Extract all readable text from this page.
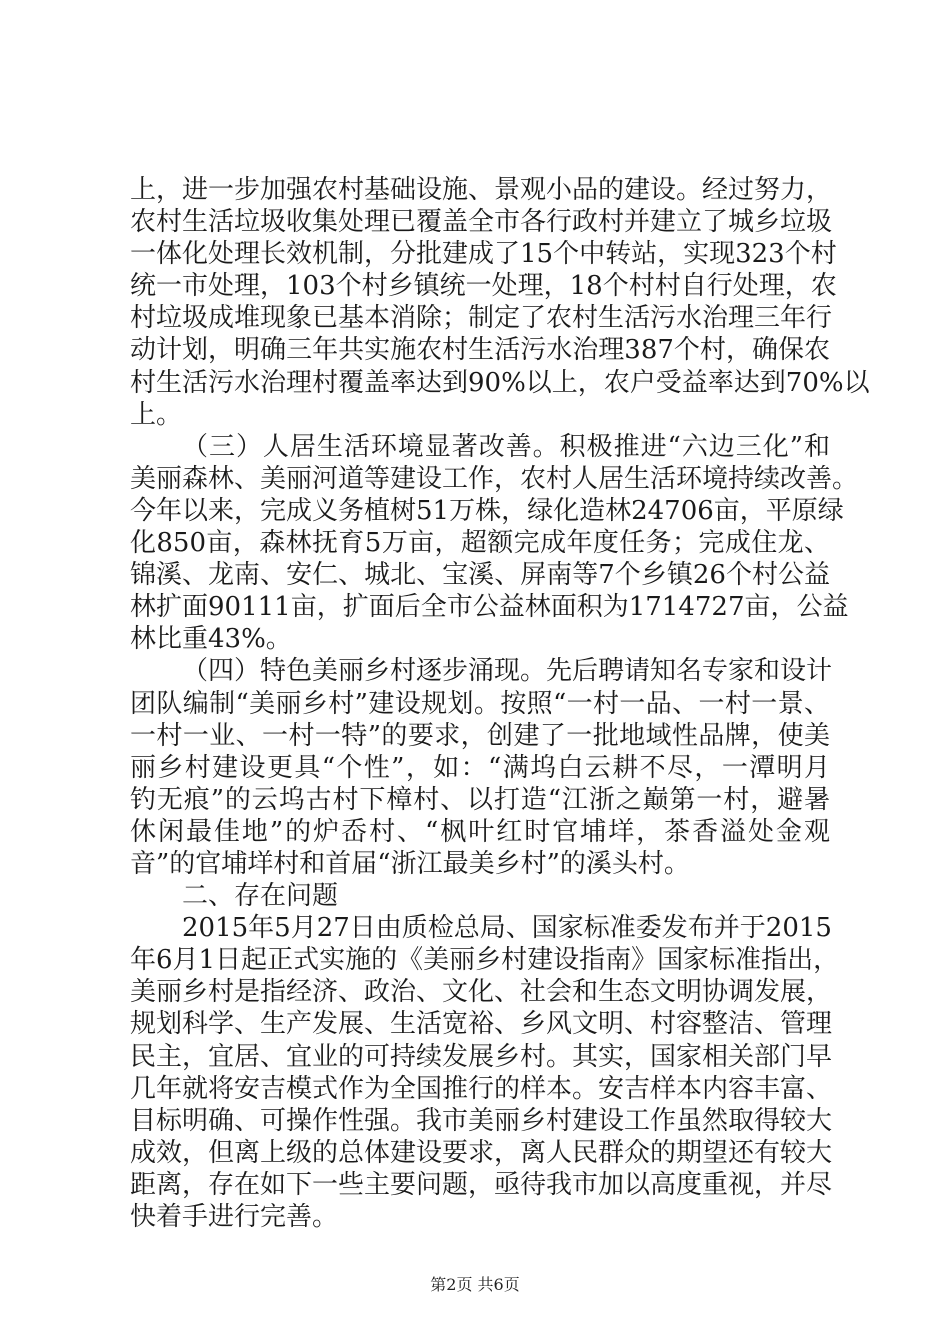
上，进一步加强农村基础设施、景观小品的建设。经过努力，
农村生活垃圾收集处理已覆盖全市各行政村并建立了城乡垃圾
一体化处理长效机制，分批建成了15个中转站，实现323个村
统一市处理，103个村乡镇统一处理，18个村村自行处理，农
村垃圾成堆现象已基本消除；制定了农村生活污水治理三年行
动计划，明确三年共实施农村生活污水治理387个村，确保农
村生活污水治理村覆盖率达到90%以上，农户受益率达到70%以
上。
（三）人居生活环境显著改善。积极推进“六边三化”和
美丽森林、美丽河道等建设工作，农村人居生活环境持续改善。
今年以来，完成义务植树51万株，绿化造林24706亩，平原绿
化850亩，森林抚育5万亩，超额完成年度任务；完成住龙、
锦溪、龙南、安仁、城北、宝溪、屏南等7个乡镇26个村公益
林扩面90111亩，扩面后全市公益林面积为1714727亩，公益
林比重43%。
（四）特色美丽乡村逐步涌现。先后聘请知名专家和设计
团队编制“美丽乡村”建设规划。按照“一村一品、一村一景、
一村一业、一村一特”的要求，创建了一批地域性品牌，使美
丽乡村建设更具“个性”，如：“满坞白云耕不尽，一潭明月
钓无痕”的云坞古村下樟村、以打造“江浙之巅第一村，避暑
休闲最佳地”的炉岙村、“枫叶红时官埔垟，茶香溢处金观
音”的官埔垟村和首届“浙江最美乡村”的溪头村。
二、存在问题
2015年5月27日由质检总局、国家标准委发布并于2015
年6月1日起正式实施的《美丽乡村建设指南》国家标准指出，
美丽乡村是指经济、政治、文化、社会和生态文明协调发展，
规划科学、生产发展、生活宽裕、乡风文明、村容整洁、管理
民主，宜居、宜业的可持续发展乡村。其实，国家相关部门早
几年就将安吉模式作为全国推行的样本。安吉样本内容丰富、
目标明确、可操作性强。我市美丽乡村建设工作虽然取得较大
成效，但离上级的总体建设要求，离人民群众的期望还有较大
距离，存在如下一些主要问题，亟待我市加以高度重视，并尽
快着手进行完善。
第2页 共6页
